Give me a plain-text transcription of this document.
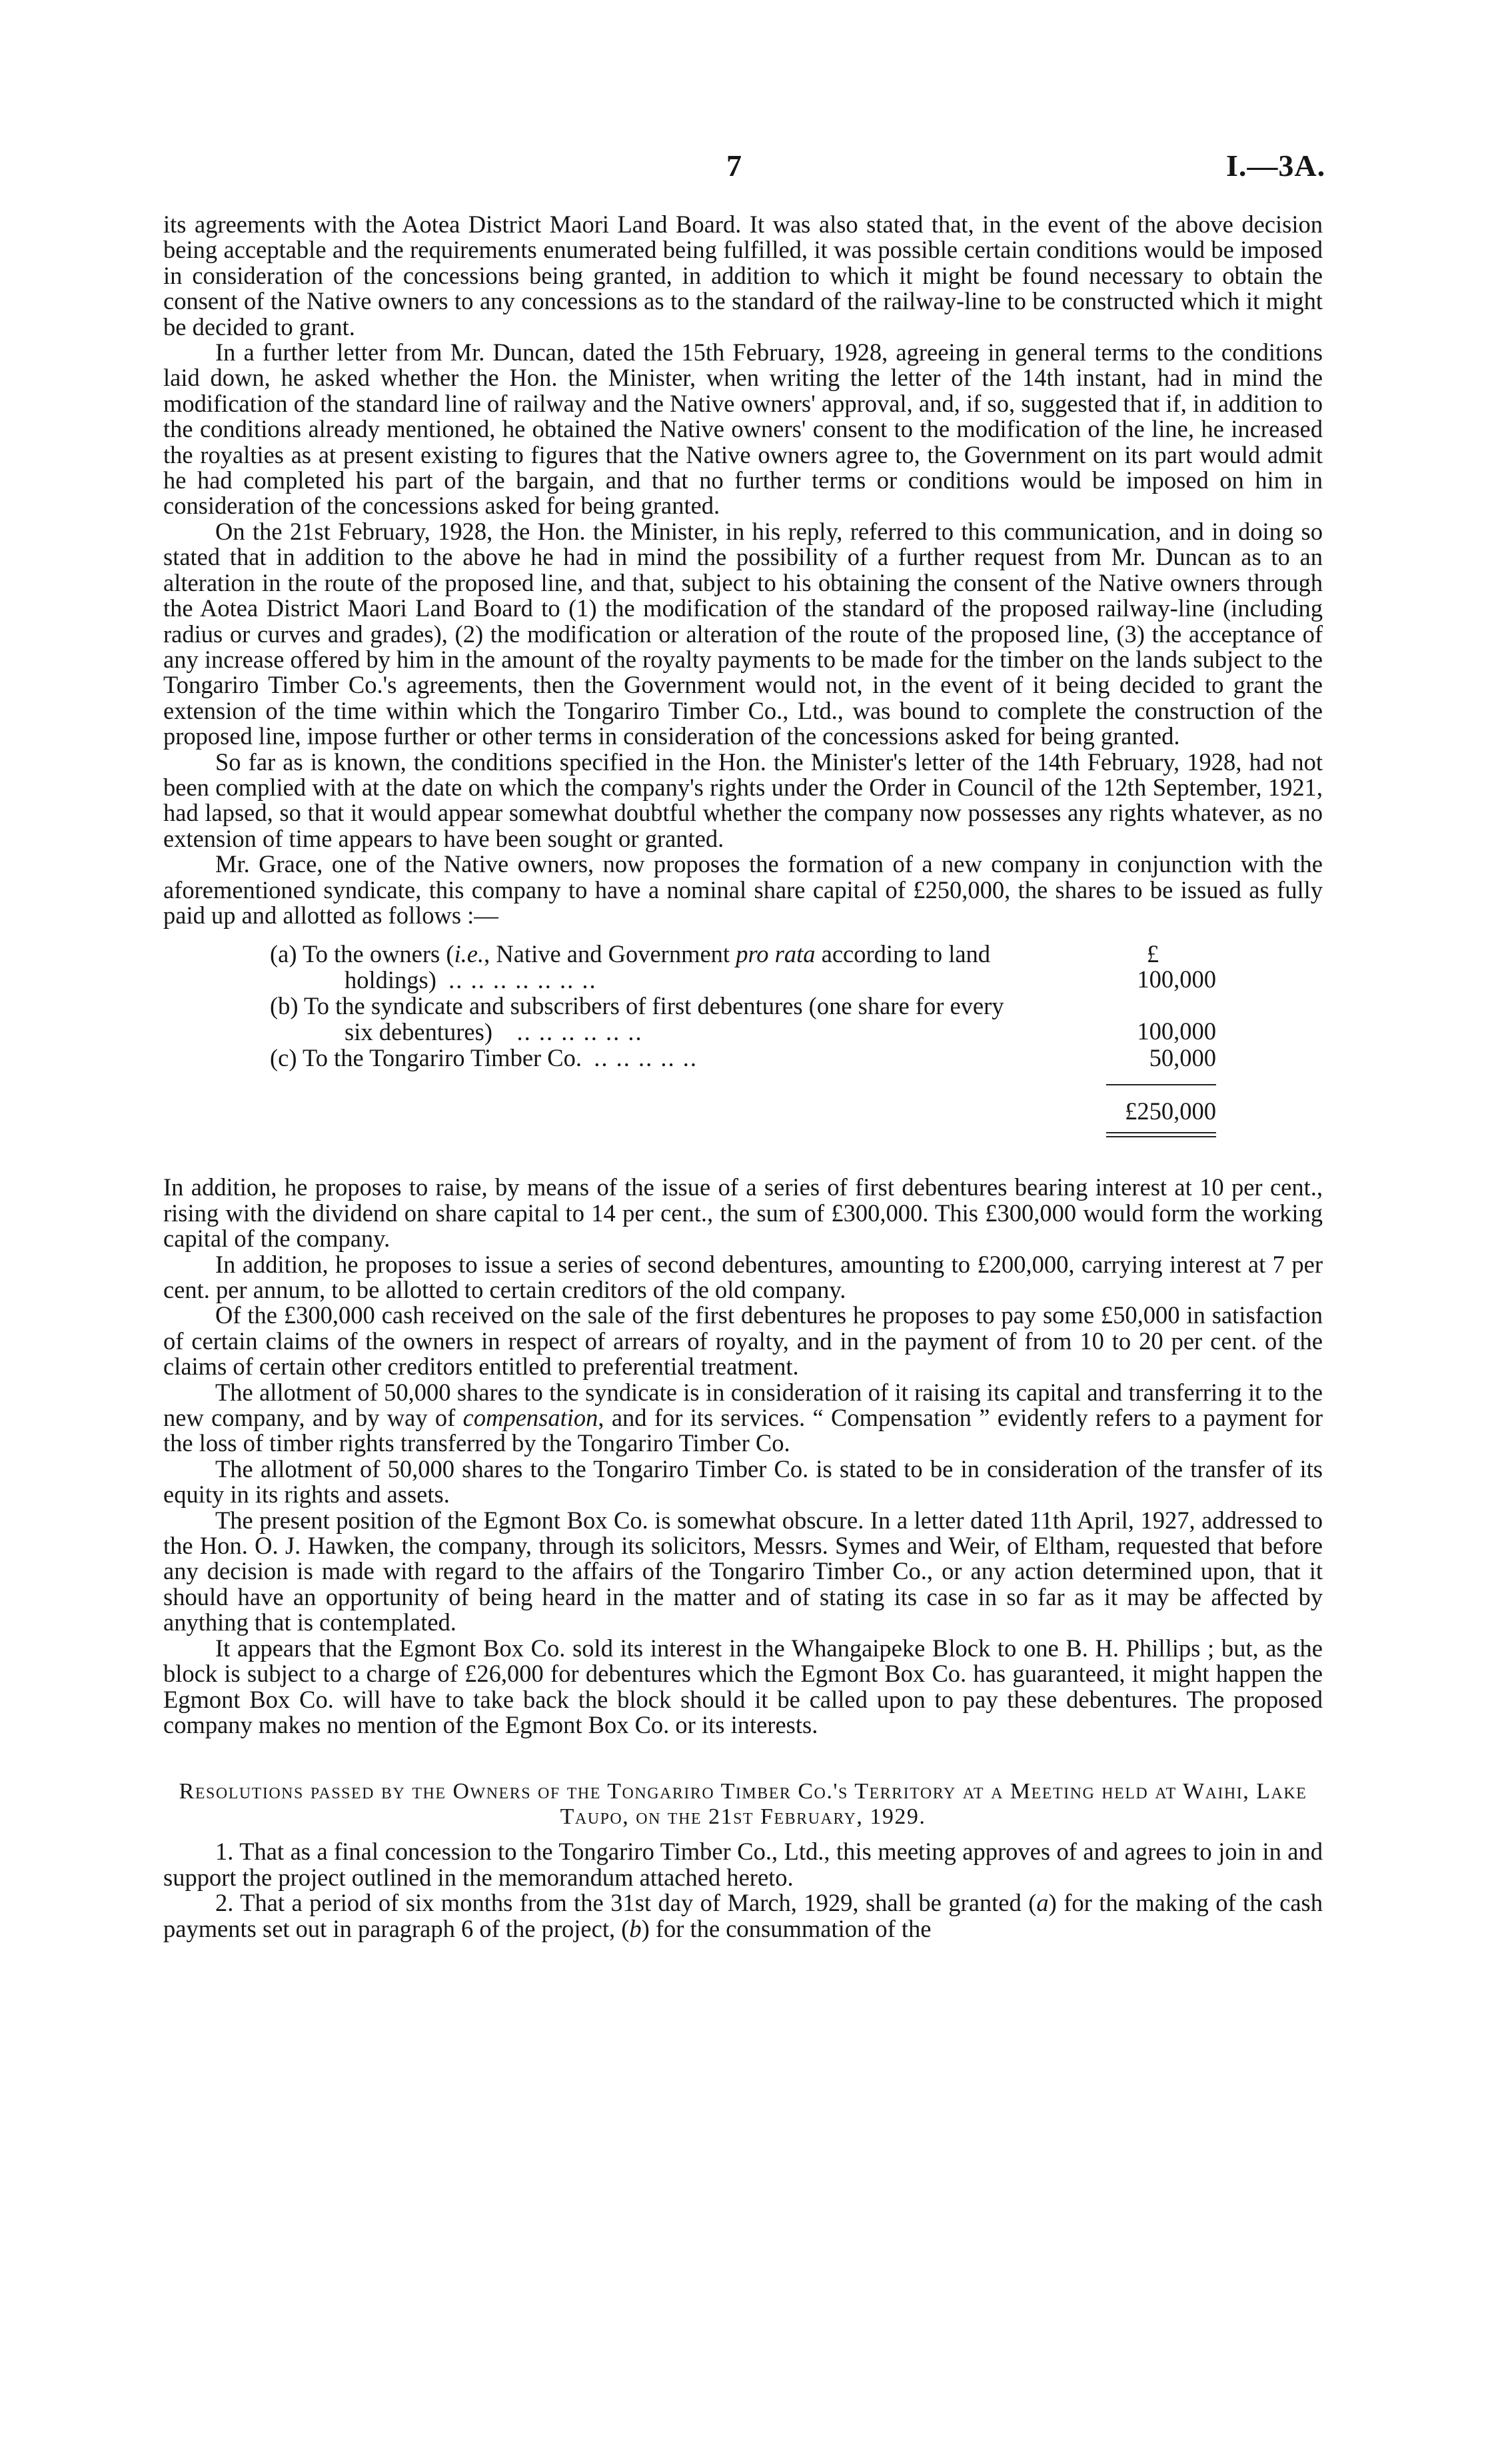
7	I.—3A.

its agreements with the Aotea District Maori Land Board. It was also stated that, in the event of the above decision being acceptable and the requirements enumerated being fulfilled, it was possible certain conditions would be imposed in consideration of the concessions being granted, in addition to which it might be found necessary to obtain the consent of the Native owners to any concessions as to the standard of the railway-line to be constructed which it might be decided to grant.

In a further letter from Mr. Duncan, dated the 15th February, 1928, agreeing in general terms to the conditions laid down, he asked whether the Hon. the Minister, when writing the letter of the 14th instant, had in mind the modification of the standard line of railway and the Native owners' approval, and, if so, suggested that if, in addition to the conditions already mentioned, he obtained the Native owners' consent to the modification of the line, he increased the royalties as at present existing to figures that the Native owners agree to, the Government on its part would admit he had completed his part of the bargain, and that no further terms or conditions would be imposed on him in consideration of the concessions asked for being granted.

On the 21st February, 1928, the Hon. the Minister, in his reply, referred to this communication, and in doing so stated that in addition to the above he had in mind the possibility of a further request from Mr. Duncan as to an alteration in the route of the proposed line, and that, subject to his obtaining the consent of the Native owners through the Aotea District Maori Land Board to (1) the modification of the standard of the proposed railway-line (including radius or curves and grades), (2) the modification or alteration of the route of the proposed line, (3) the acceptance of any increase offered by him in the amount of the royalty payments to be made for the timber on the lands subject to the Tongariro Timber Co.'s agreements, then the Government would not, in the event of it being decided to grant the extension of the time within which the Tongariro Timber Co., Ltd., was bound to complete the construction of the proposed line, impose further or other terms in consideration of the concessions asked for being granted.

So far as is known, the conditions specified in the Hon. the Minister's letter of the 14th February, 1928, had not been complied with at the date on which the company's rights under the Order in Council of the 12th September, 1921, had lapsed, so that it would appear somewhat doubtful whether the company now possesses any rights whatever, as no extension of time appears to have been sought or granted.

Mr. Grace, one of the Native owners, now proposes the formation of a new company in conjunction with the aforementioned syndicate, this company to have a nominal share capital of £250,000, the shares to be issued as fully paid up and allotted as follows :—

£
(a) To the owners (i.e., Native and Government pro rata according to land
holdings) .. .. .. .. .. .. ..	100,000
(b) To the syndicate and subscribers of first debentures (one share for every
six debentures) .. .. .. .. .. ..	100,000
(c) To the Tongariro Timber Co. .. .. .. .. ..	50,000
£250,000

In addition, he proposes to raise, by means of the issue of a series of first debentures bearing interest at 10 per cent., rising with the dividend on share capital to 14 per cent., the sum of £300,000. This £300,000 would form the working capital of the company.

In addition, he proposes to issue a series of second debentures, amounting to £200,000, carrying interest at 7 per cent. per annum, to be allotted to certain creditors of the old company.

Of the £300,000 cash received on the sale of the first debentures he proposes to pay some £50,000 in satisfaction of certain claims of the owners in respect of arrears of royalty, and in the payment of from 10 to 20 per cent. of the claims of certain other creditors entitled to preferential treatment.

The allotment of 50,000 shares to the syndicate is in consideration of it raising its capital and transferring it to the new company, and by way of compensation, and for its services. “ Compensation ” evidently refers to a payment for the loss of timber rights transferred by the Tongariro Timber Co.

The allotment of 50,000 shares to the Tongariro Timber Co. is stated to be in consideration of the transfer of its equity in its rights and assets.

The present position of the Egmont Box Co. is somewhat obscure. In a letter dated 11th April, 1927, addressed to the Hon. O. J. Hawken, the company, through its solicitors, Messrs. Symes and Weir, of Eltham, requested that before any decision is made with regard to the affairs of the Tongariro Timber Co., or any action determined upon, that it should have an opportunity of being heard in the matter and of stating its case in so far as it may be affected by anything that is contemplated.

It appears that the Egmont Box Co. sold its interest in the Whangaipeke Block to one B. H. Phillips ; but, as the block is subject to a charge of £26,000 for debentures which the Egmont Box Co. has guaranteed, it might happen the Egmont Box Co. will have to take back the block should it be called upon to pay these debentures. The proposed company makes no mention of the Egmont Box Co. or its interests.

Resolutions passed by the Owners of the Tongariro Timber Co.'s Territory at a Meeting held at Waihi, Lake Taupo, on the 21st February, 1929.

1. That as a final concession to the Tongariro Timber Co., Ltd., this meeting approves of and agrees to join in and support the project outlined in the memorandum attached hereto.

2. That a period of six months from the 31st day of March, 1929, shall be granted (a) for the making of the cash payments set out in paragraph 6 of the project, (b) for the consummation of the
